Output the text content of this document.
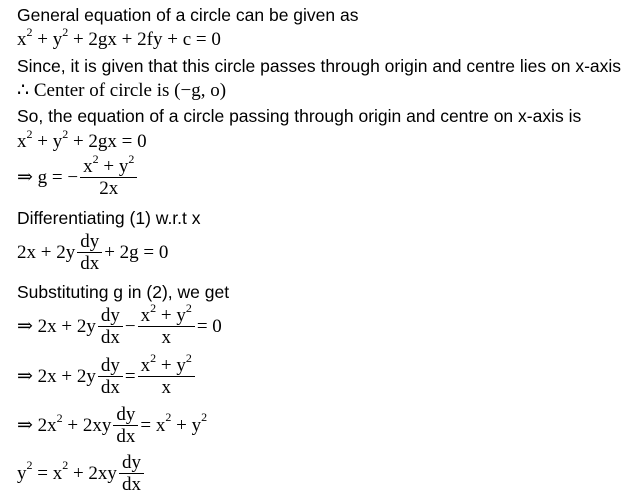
General equation of a circle can be given as
$x^2 + y^2 + 2gx + 2fy + c = 0$
Since, it is given that this circle passes through origin and centre lies on x-axis
∴ Center of circle is (−g, o)
So, the equation of a circle passing through origin and centre on x-axis is
$x^2 + y^2 + 2gx = 0$
⇒ g = − $\frac{x^2 + y^2}{2x}$
Differentiating (1) w.r.t x
$2x + 2y \frac{dy}{dx} + 2g = 0$
Substituting g in (2), we get
⇒ $2x + 2y \frac{dy}{dx} - \frac{x^2 + y^2}{x} = 0$
⇒ $2x + 2y \frac{dy}{dx} = \frac{x^2 + y^2}{x}$
⇒ $2x^2 + 2xy \frac{dy}{dx} = x^2 + y^2$
$y^2 = x^2 + 2xy \frac{dy}{dx}$
